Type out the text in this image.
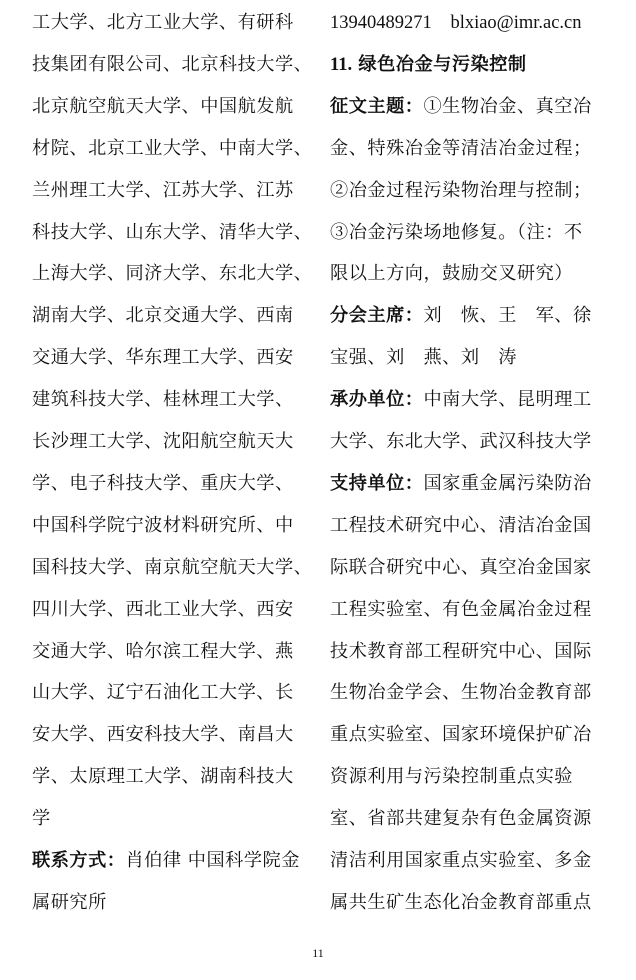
工大学、北方工业大学、有研科
技集团有限公司、北京科技大学、
北京航空航天大学、中国航发航
材院、北京工业大学、中南大学、
兰州理工大学、江苏大学、江苏
科技大学、山东大学、清华大学、
上海大学、同济大学、东北大学、
湖南大学、北京交通大学、西南
交通大学、华东理工大学、西安
建筑科技大学、桂林理工大学、
长沙理工大学、沈阳航空航天大
学、电子科技大学、重庆大学、
中国科学院宁波材料研究所、中
国科技大学、南京航空航天大学、
四川大学、西北工业大学、西安
交通大学、哈尔滨工程大学、燕
山大学、辽宁石油化工大学、长
安大学、西安科技大学、南昌大
学、太原理工大学、湖南科技大
学
联系方式：肖伯律 中国科学院金
属研究所
13940489271  blxiao@imr.ac.cn
11. 绿色冶金与污染控制
征文主题：①生物冶金、真空冶
金、特殊冶金等清洁冶金过程；
②冶金过程污染物治理与控制；
③冶金污染场地修复。（注：不
限以上方向，鼓励交叉研究）
分会主席：刘　恢、王　军、徐
宝强、刘　燕、刘　涛
承办单位：中南大学、昆明理工
大学、东北大学、武汉科技大学
支持单位：国家重金属污染防治
工程技术研究中心、清洁冶金国
际联合研究中心、真空冶金国家
工程实验室、有色金属冶金过程
技术教育部工程研究中心、国际
生物冶金学会、生物冶金教育部
重点实验室、国家环境保护矿冶
资源利用与污染控制重点实验
室、省部共建复杂有色金属资源
清洁利用国家重点实验室、多金
属共生矿生态化冶金教育部重点
11
